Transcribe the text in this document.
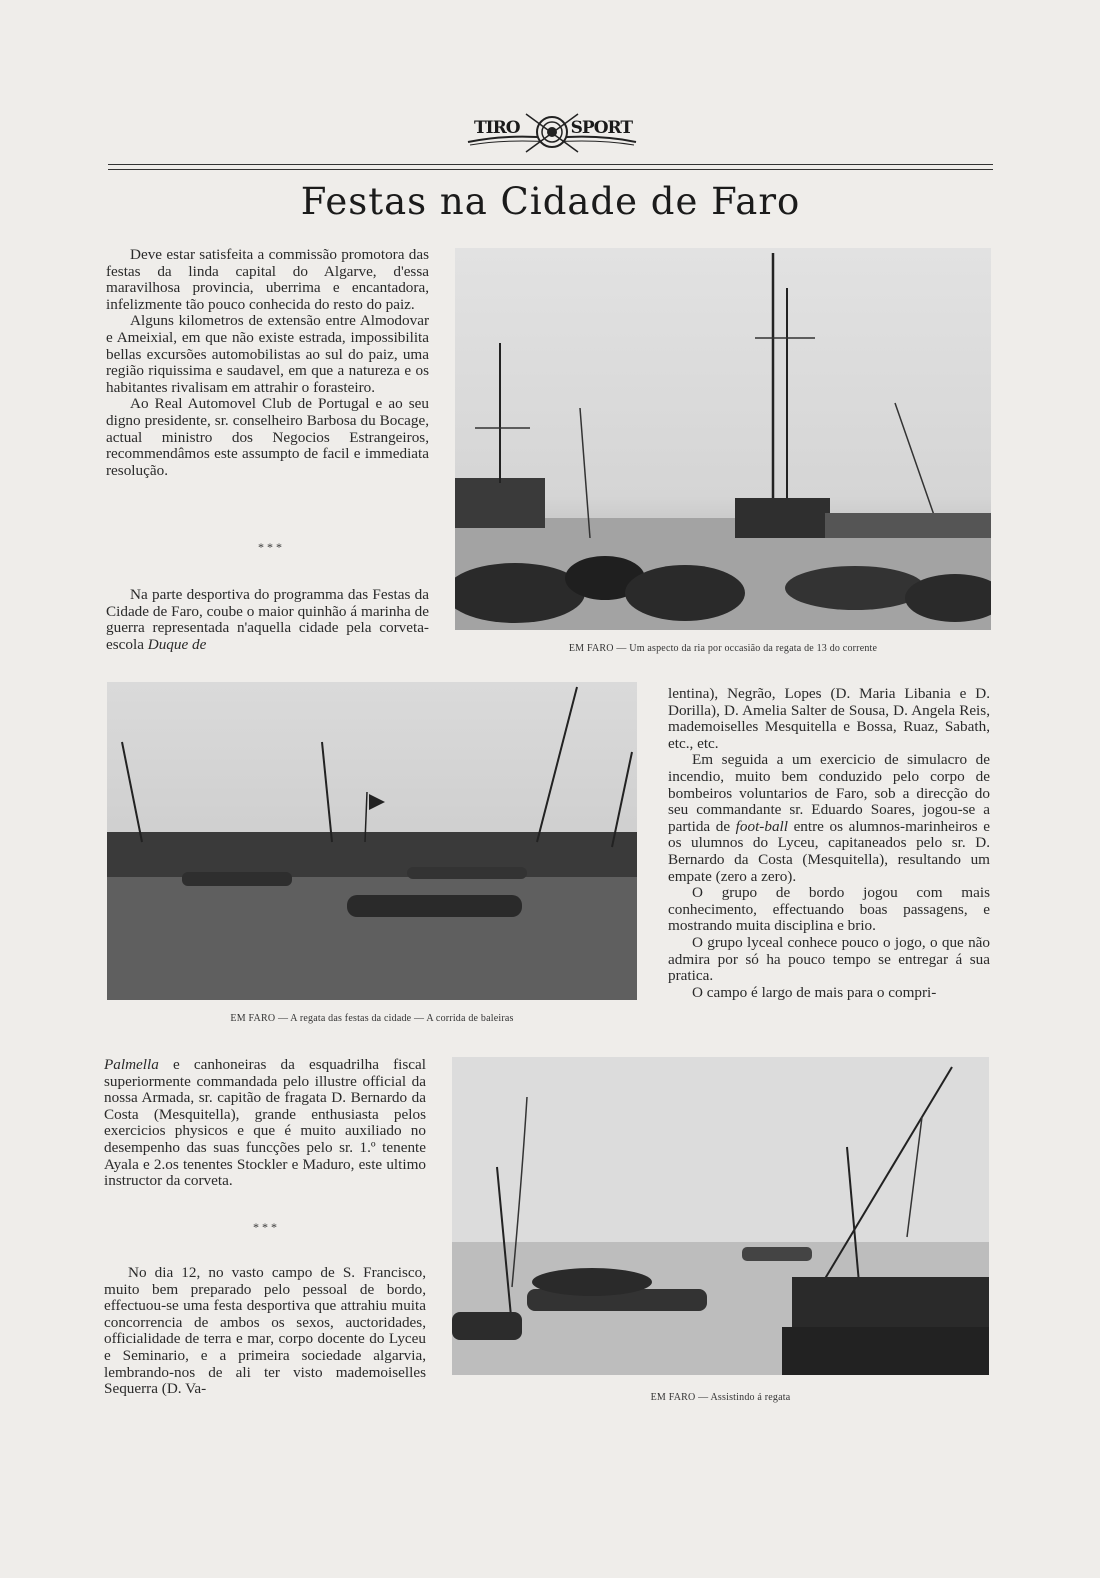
TIRO	SPORT
Festas na Cidade de Faro

Deve estar satisfeita a commissão promotora das festas da linda capital do Algarve, d'essa maravilhosa provincia, uberrima e encantadora, infelizmente tão pouco conhecida do resto do paiz.

Alguns kilometros de extensão entre Almodovar e Ameixial, em que não existe estrada, impossibilita bellas excursões automobilistas ao sul do paiz, uma região riquissima e saudavel, em que a natureza e os habitantes rivalisam em attrahir o forasteiro.

Ao Real Automovel Club de Portugal e ao seu digno presidente, sr. conselheiro Barbosa du Bocage, actual ministro dos Negocios Estrangeiros, recommendâmos este assumpto de facil e immediata resolução.

* * *

Na parte desportiva do programma das Festas da Cidade de Faro, coube o maior quinhão á marinha de guerra representada n'aquella cidade pela corveta-escola Duque de	EM FARO — Um aspecto da ria por occasião da regata de 13 do corrente
EM FARO — A regata das festas da cidade — A corrida de baleiras

lentina), Negrão, Lopes (D. Maria Libania e D. Dorilla), D. Amelia Salter de Sousa, D. Angela Reis, mademoiselles Mesquitella e Bossa, Ruaz, Sabath, etc., etc.

Em seguida a um exercicio de simulacro de incendio, muito bem conduzido pelo corpo de bombeiros voluntarios de Faro, sob a direcção do seu commandante sr. Eduardo Soares, jogou-se a partida de foot-ball entre os alumnos-marinheiros e os ulumnos do Lyceu, capitaneados pelo sr. D. Bernardo da Costa (Mesquitella), resultando um empate (zero a zero).

O grupo de bordo jogou com mais conhecimento, effectuando boas passagens, e mostrando muita disciplina e brio.

O grupo lyceal conhece pouco o jogo, o que não admira por só ha pouco tempo se entregar á sua pratica.

O campo é largo de mais para o compri-

Palmella e canhoneiras da esquadrilha fiscal superiormente commandada pelo illustre official da nossa Armada, sr. capitão de fragata D. Bernardo da Costa (Mesquitella), grande enthusiasta pelos exercicios physicos e que é muito auxiliado no desempenho das suas funcções pelo sr. 1.º tenente Ayala e 2.os tenentes Stockler e Maduro, este ultimo instructor da corveta.

* * *

No dia 12, no vasto campo de S. Francisco, muito bem preparado pelo pessoal de bordo, effectuou-se uma festa desportiva que attrahiu muita concorrencia de ambos os sexos, auctoridades, officialidade de terra e mar, corpo docente do Lyceu e Seminario, e a primeira sociedade algarvia, lembrando-nos de ali ter visto mademoiselles Sequerra (D. Va-

EM FARO — Assistindo á regata
